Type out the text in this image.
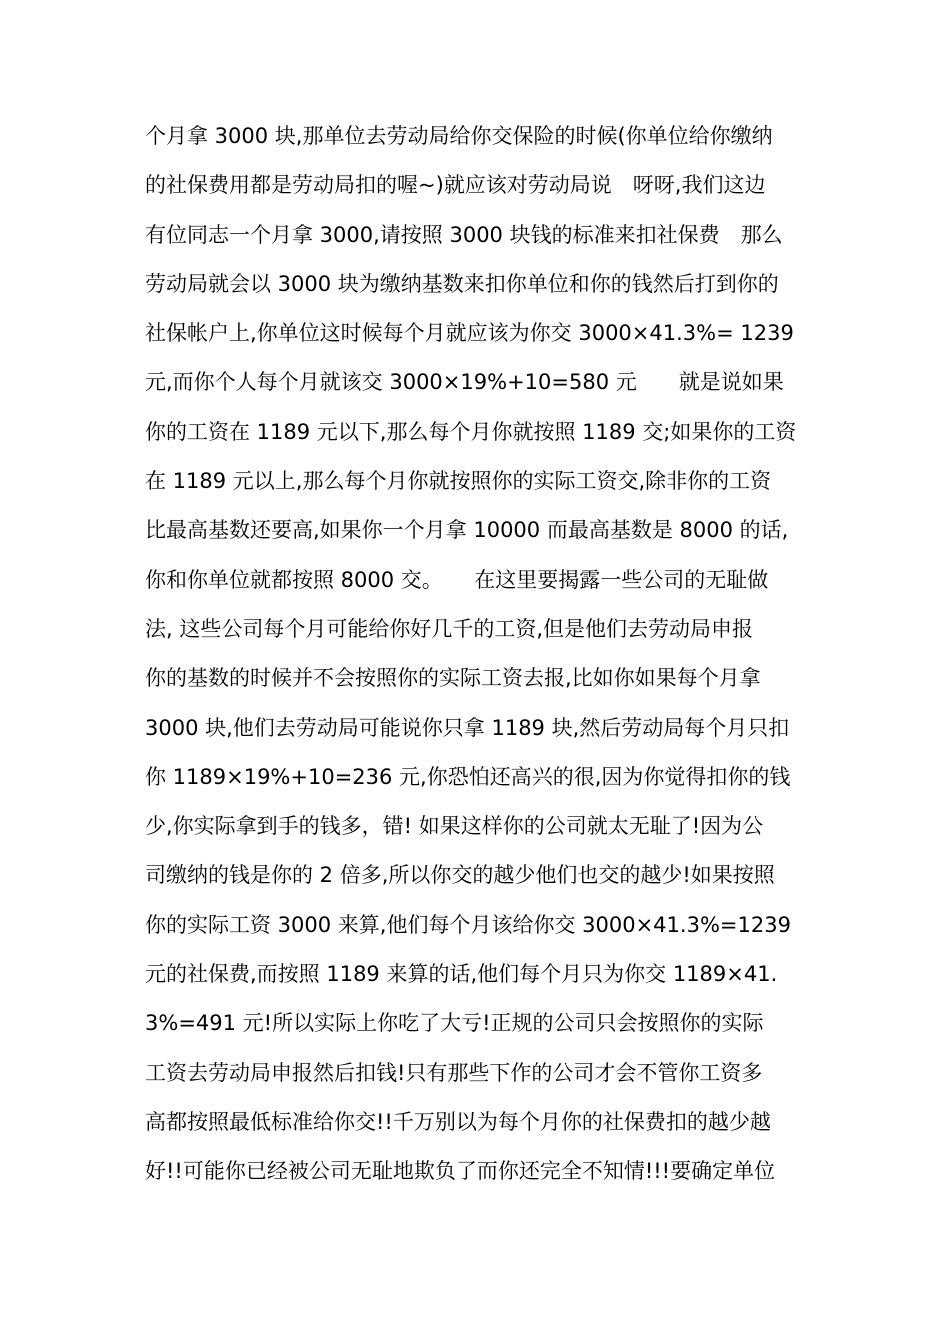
个月拿 3000 块,那单位去劳动局给你交保险的时候(你单位给你缴纳
的社保费用都是劳动局扣的喔~)就应该对劳动局说　呀呀,我们这边
有位同志一个月拿 3000,请按照 3000 块钱的标准来扣社保费　那么
劳动局就会以 3000 块为缴纳基数来扣你单位和你的钱然后打到你的
社保帐户上,你单位这时候每个月就应该为你交 3000×41.3%= 1239
元,而你个人每个月就该交 3000×19%+10=580 元　　就是说如果
你的工资在 1189 元以下,那么每个月你就按照 1189 交;如果你的工资
在 1189 元以上,那么每个月你就按照你的实际工资交,除非你的工资
比最高基数还要高,如果你一个月拿 10000 而最高基数是 8000 的话,
你和你单位就都按照 8000 交。　　在这里要揭露一些公司的无耻做
法, 这些公司每个月可能给你好几千的工资,但是他们去劳动局申报
你的基数的时候并不会按照你的实际工资去报,比如你如果每个月拿
3000 块,他们去劳动局可能说你只拿 1189 块,然后劳动局每个月只扣
你 1189×19%+10=236 元,你恐怕还高兴的很,因为你觉得扣你的钱
少,你实际拿到手的钱多，错! 如果这样你的公司就太无耻了!因为公
司缴纳的钱是你的 2 倍多,所以你交的越少他们也交的越少!如果按照
你的实际工资 3000 来算,他们每个月该给你交 3000×41.3%=1239
元的社保费,而按照 1189 来算的话,他们每个月只为你交 1189×41.
3%=491 元!所以实际上你吃了大亏!正规的公司只会按照你的实际
工资去劳动局申报然后扣钱!只有那些下作的公司才会不管你工资多
高都按照最低标准给你交!!千万别以为每个月你的社保费扣的越少越
好!!可能你已经被公司无耻地欺负了而你还完全不知情!!!要确定单位
